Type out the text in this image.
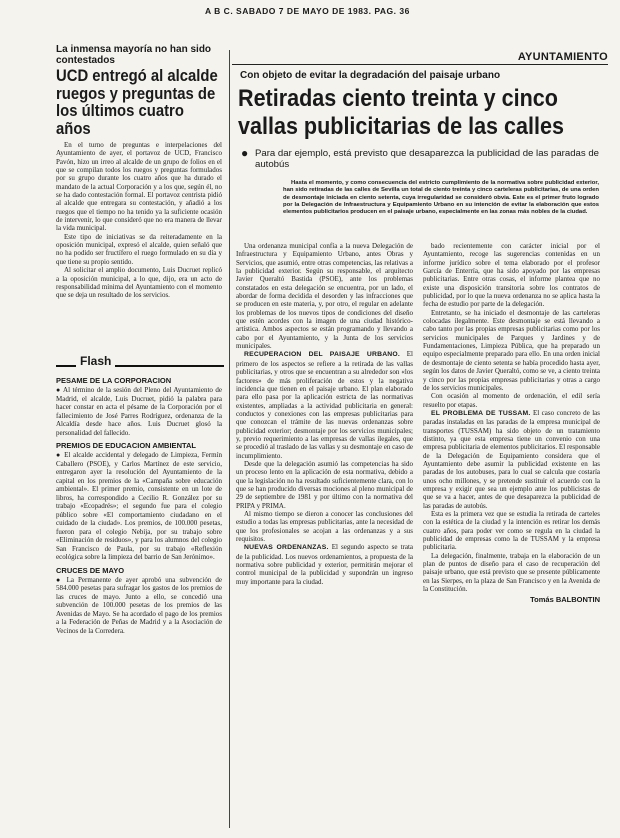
A B C. SABADO 7 DE MAYO DE 1983. PAG. 36
AYUNTAMIENTO
La inmensa mayoría no han sido contestados
UCD entregó al alcalde ruegos y preguntas de los últimos cuatro años

En el turno de preguntas e interpelaciones del Ayuntamiento de ayer, el portavoz de UCD, Francisco Pavón, hizo un irreo al alcalde de un grupo de folios en el que se compilan todos los ruegos y preguntas formulados por su grupo durante los cuatro años que ha durado el mandato de la actual Corporación y a los que, según él, no se ha dado contestación formal. El portavoz centrista pidió al alcalde que entregara su contestación, y añadió a los ruegos que el tiempo no ha tenido ya la suficiente ocasión de intervenir, lo que consideró que no era manera de llevar la vida municipal.

Este tipo de iniciativas se da reiteradamente en la oposición municipal, expresó el alcalde, quien señaló que no ha podido ser fructífero el ruego formulado en su día y que tiene su propio sentido.

Al solicitar el amplio documento, Luis Ducruet replicó a la oposición municipal, a lo que, dijo, era un acto de responsabilidad mínima del Ayuntamiento con el momento que se deja un resultado de los servicios.

Flash

PESAME DE LA CORPORACION

● Al término de la sesión del Pleno del Ayuntamiento de Madrid, el alcalde, Luis Ducruet, pidió la palabra para hacer constar en acta el pésame de la Corporación por el fallecimiento de José Parres Rodríguez, ordenanza de la Alcaldía desde hace años. Luis Ducruet glosó la personalidad del fallecido.

PREMIOS DE EDUCACION AMBIENTAL

● El alcalde accidental y delegado de Limpieza, Fermín Caballero (PSOE), y Carlos Martínez de este servicio, entregaron ayer la resolución del Ayuntamiento de la capital en los premios de la «Campaña sobre educación ambiental». El primer premio, consistente en un lote de libros, ha correspondido a Cecilio R. González por su trabajo «Ecopadrés»; el segundo fue para el colegio público sobre «El comportamiento ciudadano en el cuidado de la ciudad». Los premios, de 100.000 pesetas, fueron para el colegio Nebija, por su trabajo sobre «Eliminación de residuos», y para los alumnos del colegio San Francisco de Paula, por su trabajo «Reflexión ecológica sobre la limpieza del barrio de San Jerónimo».

CRUCES DE MAYO

● La Permanente de ayer aprobó una subvención de 584.000 pesetas para sufragar los gastos de los premios de las cruces de mayo. Junto a ello, se concedió una subvención de 100.000 pesetas de los premios de las Avenidas de Mayo. Se ha acordado el pago de los premios a la Federación de Peñas de Madrid y a la Asociación de Vecinos de la Corredera.

Con objeto de evitar la degradación del paisaje urbano
Retiradas ciento treinta y cinco vallas publicitarias de las calles
● Para dar ejemplo, está previsto que desaparezca la publicidad de las paradas de autobús

Hasta el momento, y como consecuencia del estricto cumplimiento de la normativa sobre publicidad exterior, han sido retiradas de las calles de Sevilla un total de ciento treinta y cinco carteleras publicitarias, de una orden de desmontaje iniciada en ciento setenta, cuya irregularidad se consideró obvia. Este es el primer fruto logrado por la Delegación de Infraestructura y Equipamiento Urbano en su intención de evitar la elaboración que estos elementos publicitarios producen en el paisaje urbano, especialmente en las zonas más nobles de la ciudad.

Una ordenanza municipal confía a la nueva Delegación de Infraestructura y Equipamiento Urbano, antes Obras y Servicios, que asumió, entre otras competencias, las relativas a la publicidad exterior. Según su responsable, el arquitecto Javier Queraltó Bastida (PSOE), ante los problemas constatados en esta delegación se encuentra, por un lado, el abordar de forma decidida el desorden y las infracciones que se producen en este materia, y, por otro, el regular en adelante los problemas de los nuevos tipos de condiciones del diseño que estén acordes con la imagen de una ciudad histórico-artística. Ambos aspectos se están programando y llevando a cabo por el Ayuntamiento, y la Junta de los servicios municipales.

RECUPERACION DEL PAISAJE URBANO. El primero de los aspectos se refiere a la retirada de las vallas publicitarias, y otros que se encuentran a su alrededor son «los factores» de más proliferación de estos y la negativa incidencia que tienen en el paisaje urbano. El plan elaborado para ello pasa por la aplicación estricta de las normativas existentes, ampliadas a la actividad publicitaria en general: conductos y conexiones con las empresas publicitarias para que conozcan el trámite de las nuevas ordenanzas sobre publicidad exterior; desmontaje por los servicios municipales; y, previo requerimiento a las empresas de vallas ilegales, que se procedió al traslado de las vallas y su desmontaje en caso de incumplimiento.

Desde que la delegación asumió las competencias ha sido un proceso lento en la aplicación de esta normativa, debido a que la legislación no ha resultado suficientemente clara, con lo que se han producido diversas mociones al pleno municipal de 29 de septiembre de 1981 y por último con la normativa del PRIPA y PRIMA.

Al mismo tiempo se dieron a conocer las conclusiones del estudio a todas las empresas publicitarias, ante la necesidad de que los profesionales se acojan a las ordenanzas y a sus requisitos.

NUEVAS ORDENANZAS. El segundo aspecto se trata de la publicidad. Los nuevos ordenamientos, a propuesta de la normativa sobre publicidad y exterior, permitirán mejorar el control municipal de la publicidad y supondrán un ingreso muy importante para la ciudad.

bado recientemente con carácter inicial por el Ayuntamiento, recoge las sugerencias contenidas en un informe jurídico sobre el tema elaborado por el profesor García de Enterría, que ha sido apoyado por las empresas publicitarias. Entre otras cosas, el informe plantea que no existe una disposición transitoria sobre los contratos de publicidad, por lo que la nueva ordenanza no se aplica hasta la fecha de estudio por parte de la delegación.

Entretanto, se ha iniciado el desmontaje de las carteleras colocadas ilegalmente. Este desmontaje se está llevando a cabo tanto por las propias empresas publicitarias como por los servicios municipales de Parques y Jardines y de Fundamentaciones, Limpieza Pública, que ha preparado un equipo especialmente preparado para ello. En una orden inicial de desmontaje de ciento setenta se había procedido hasta ayer, según los datos de Javier Queraltó, como se ve, a ciento treinta y cinco por las propias empresas publicitarias y otras a cargo de los servicios municipales.

Con ocasión al momento de ordenación, el edil sería resuelto por etapas.

EL PROBLEMA DE TUSSAM. El caso concreto de las paradas instaladas en las paradas de la empresa municipal de transportes (TUSSAM) ha sido objeto de un tratamiento distinto, ya que esta empresa tiene un convenio con una empresa publicitaria de elementos publicitarios. El responsable de la Delegación de Equipamiento considera que el Ayuntamiento debe asumir la publicidad existente en las paradas de los autobuses, para lo cual se calcula que costaría unos ocho millones, y se pretende sustituir el acuerdo con la empresa y exigir que sea un ejemplo ante los publicistas de que se va a hacer, antes de que desaparezca la publicidad de las paradas de autobús.

Esta es la primera vez que se estudia la retirada de carteles con la estética de la ciudad y la intención es retirar los demás cuatro años, para poder ver como se regula en la ciudad la publicidad de empresas como la de TUSSAM y la empresa publicitaria.

La delegación, finalmente, trabaja en la elaboración de un plan de puntos de diseño para el caso de recuperación del paisaje urbano, que está previsto que se presente públicamente en las Sierpes, en la plaza de San Francisco y en la Avenida de la Constitución.

Tomás BALBONTIN
